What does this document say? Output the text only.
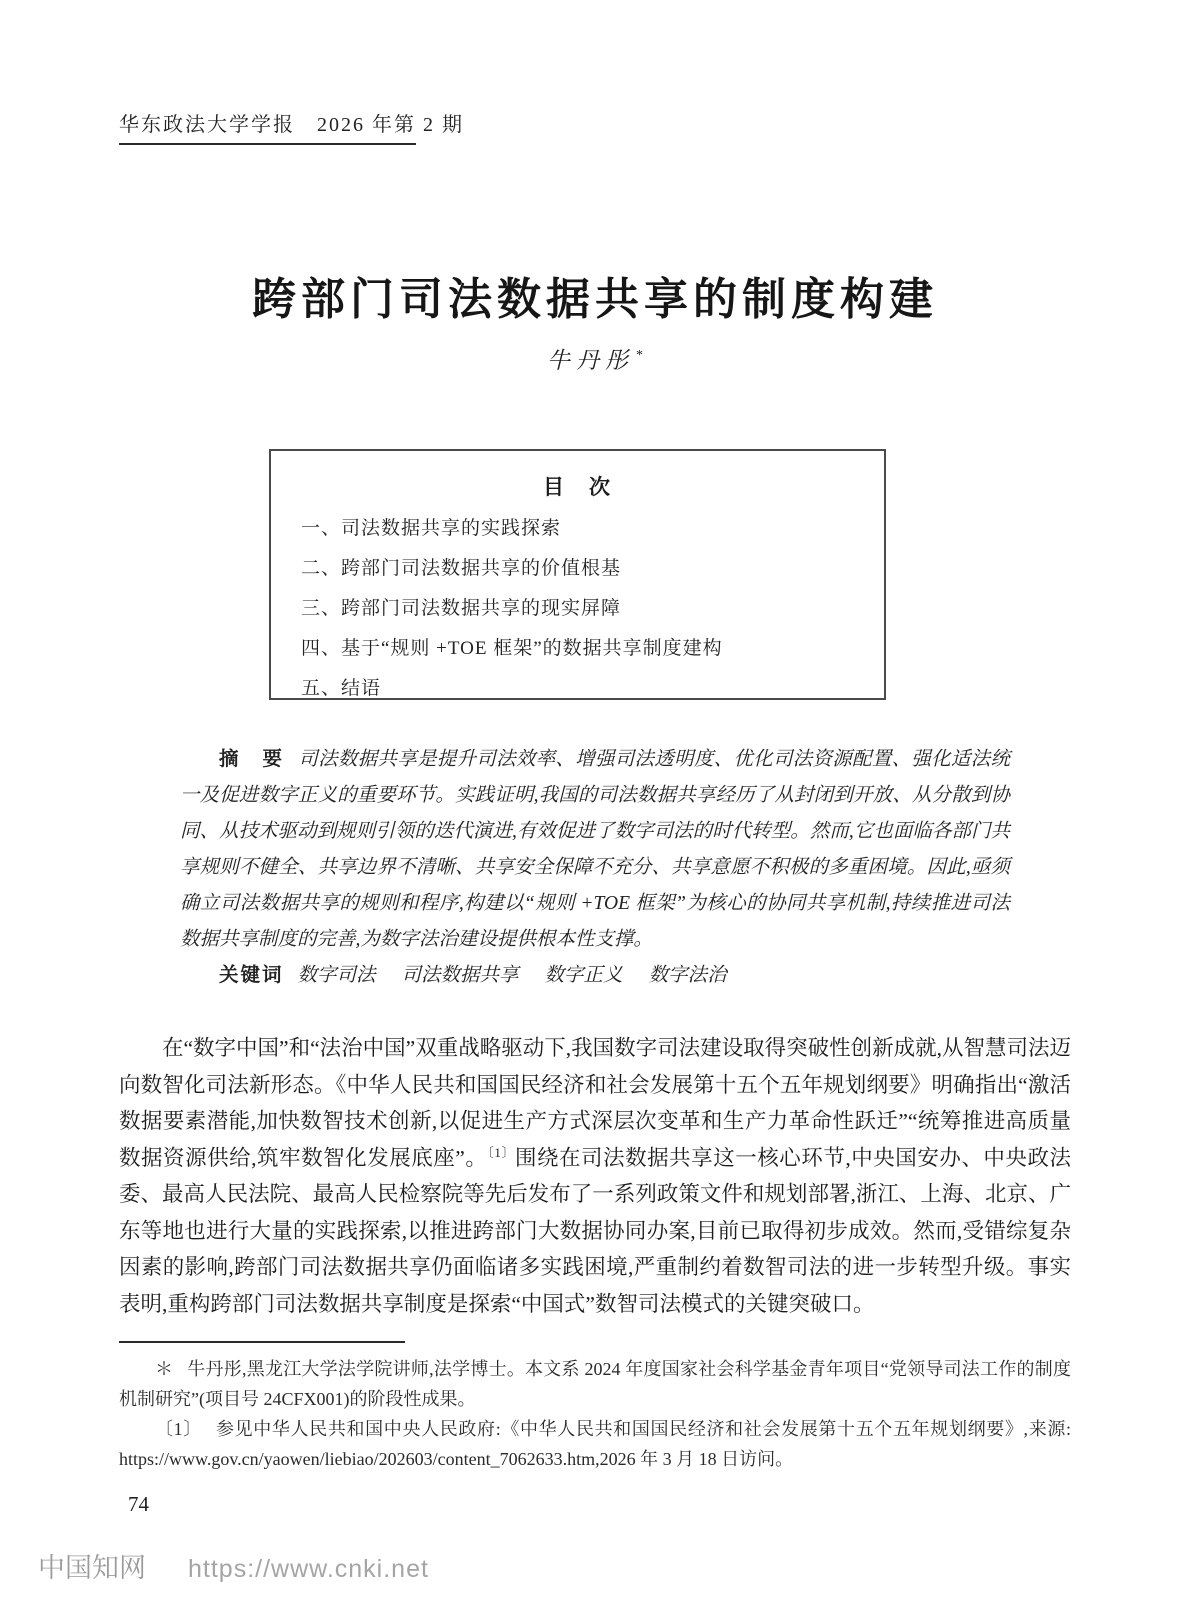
华东政法大学学报　2026 年第 2 期
跨部门司法数据共享的制度构建
牛丹彤 *
目　次
一、司法数据共享的实践探索
二、跨部门司法数据共享的价值根基
三、跨部门司法数据共享的现实屏障
四、基于“规则 +TOE 框架”的数据共享制度建构
五、结语

摘　要 司法数据共享是提升司法效率、增强司法透明度、优化司法资源配置、强化适法统一及促进数字正义的重要环节。实践证明,我国的司法数据共享经历了从封闭到开放、从分散到协同、从技术驱动到规则引领的迭代演进,有效促进了数字司法的时代转型。然而,它也面临各部门共享规则不健全、共享边界不清晰、共享安全保障不充分、共享意愿不积极的多重困境。因此,亟须确立司法数据共享的规则和程序,构建以“规则 +TOE 框架”为核心的协同共享机制,持续推进司法数据共享制度的完善,为数字法治建设提供根本性支撑。

关键词 数字司法 司法数据共享 数字正义 数字法治

在“数字中国”和“法治中国”双重战略驱动下,我国数字司法建设取得突破性创新成就,从智慧司法迈向数智化司法新形态。《中华人民共和国国民经济和社会发展第十五个五年规划纲要》明确指出“激活数据要素潜能,加快数智技术创新,以促进生产方式深层次变革和生产力革命性跃迁”“统筹推进高质量数据资源供给,筑牢数智化发展底座”。$^{〔1〕}$围绕在司法数据共享这一核心环节,中央国安办、中央政法委、最高人民法院、最高人民检察院等先后发布了一系列政策文件和规划部署,浙江、上海、北京、广东等地也进行大量的实践探索,以推进跨部门大数据协同办案,目前已取得初步成效。然而,受错综复杂因素的影响,跨部门司法数据共享仍面临诸多实践困境,严重制约着数智司法的进一步转型升级。事实表明,重构跨部门司法数据共享制度是探索“中国式”数智司法模式的关键突破口。

＊ 牛丹彤,黑龙江大学法学院讲师,法学博士。本文系 2024 年度国家社会科学基金青年项目“党领导司法工作的制度机制研究”(项目号 24CFX001)的阶段性成果。

〔1〕 参见中华人民共和国中央人民政府:《中华人民共和国国民经济和社会发展第十五个五年规划纲要》,来源: https://www.gov.cn/yaowen/liebiao/202603/content_7062633.htm,2026 年 3 月 18 日访问。

74
中国知网 https://www.cnki.net
